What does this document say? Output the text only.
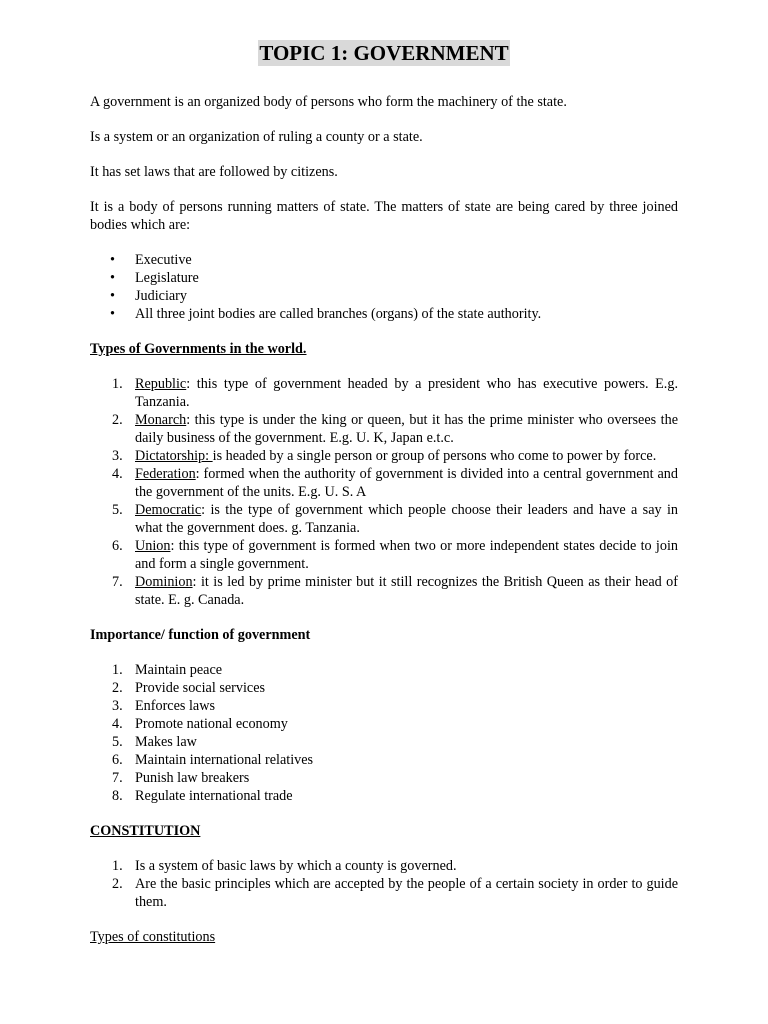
TOPIC 1: GOVERNMENT

A government is an organized body of persons who form the machinery of the state.

Is a system or an organization of ruling a county or a state.

It has set laws that are followed by citizens.

It is a body of persons running matters of state. The matters of state are being cared by three joined bodies which are:

• Executive
• Legislature
• Judiciary
• All three joint bodies are called branches (organs) of the state authority.
Types of Governments in the world.
1. Republic: this type of government headed by a president who has executive powers. E.g. Tanzania.
2. Monarch: this type is under the king or queen, but it has the prime minister who oversees the daily business of the government. E.g. U. K, Japan e.t.c.
3. Dictatorship: is headed by a single person or group of persons who come to power by force.
4. Federation: formed when the authority of government is divided into a central government and the government of the units. E.g. U. S. A
5. Democratic: is the type of government which people choose their leaders and have a say in what the government does. g. Tanzania.
6. Union: this type of government is formed when two or more independent states decide to join and form a single government.
7. Dominion: it is led by prime minister but it still recognizes the British Queen as their head of state. E. g. Canada.
Importance/ function of government
1. Maintain peace
2. Provide social services
3. Enforces laws
4. Promote national economy
5. Makes law
6. Maintain international relatives
7. Punish law breakers
8. Regulate international trade
CONSTITUTION
1. Is a system of basic laws by which a county is governed.
2. Are the basic principles which are accepted by the people of a certain society in order to guide them.
Types of constitutions
